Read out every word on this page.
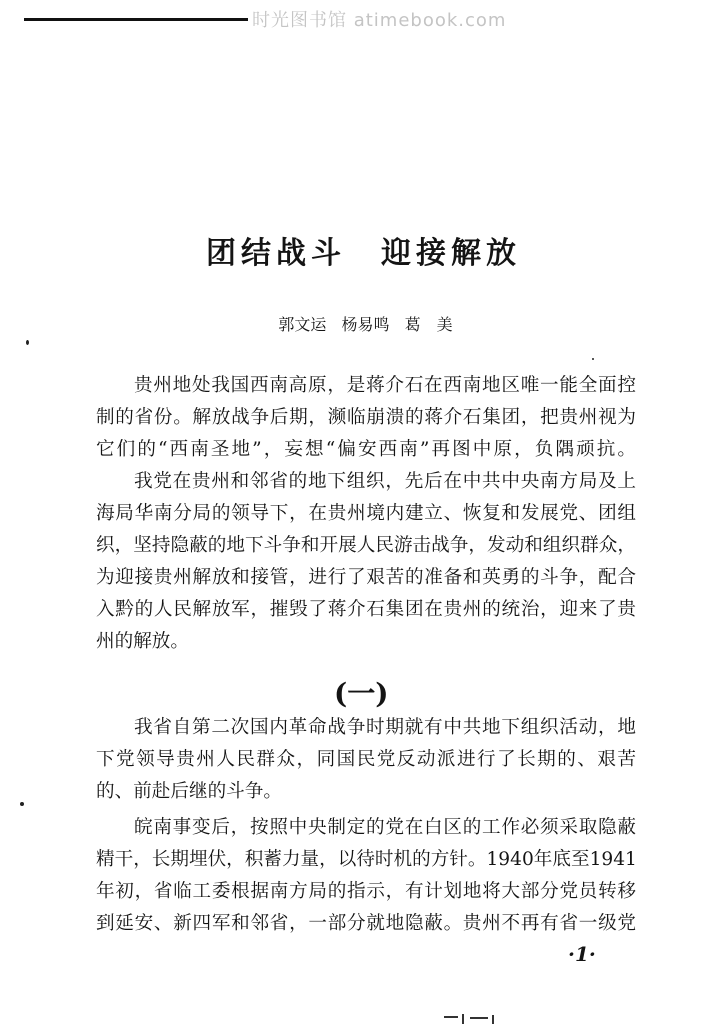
时光图书馆 atimebook.com
团结战斗　迎接解放
郭文运 杨易鸣 葛　美
贵州地处我国西南高原，是蒋介石在西南地区唯一能全面控
制的省份。解放战争后期，濒临崩溃的蒋介石集团，把贵州视为
它们的“西南圣地”，妄想“偏安西南”再图中原，负隅顽抗。
我党在贵州和邻省的地下组织，先后在中共中央南方局及上
海局华南分局的领导下，在贵州境内建立、恢复和发展党、团组
织，坚持隐蔽的地下斗争和开展人民游击战争，发动和组织群众，
为迎接贵州解放和接管，进行了艰苦的准备和英勇的斗争，配合
入黔的人民解放军，摧毁了蒋介石集团在贵州的统治，迎来了贵
州的解放。
(一)
我省自第二次国内革命战争时期就有中共地下组织活动，地
下党领导贵州人民群众，同国民党反动派进行了长期的、艰苦
的、前赴后继的斗争。
皖南事变后，按照中央制定的党在白区的工作必须采取隐蔽
精干，长期埋伏，积蓄力量，以待时机的方针。1940年底至1941
年初，省临工委根据南方局的指示，有计划地将大部分党员转移
到延安、新四军和邻省，一部分就地隐蔽。贵州不再有省一级党
·1·
